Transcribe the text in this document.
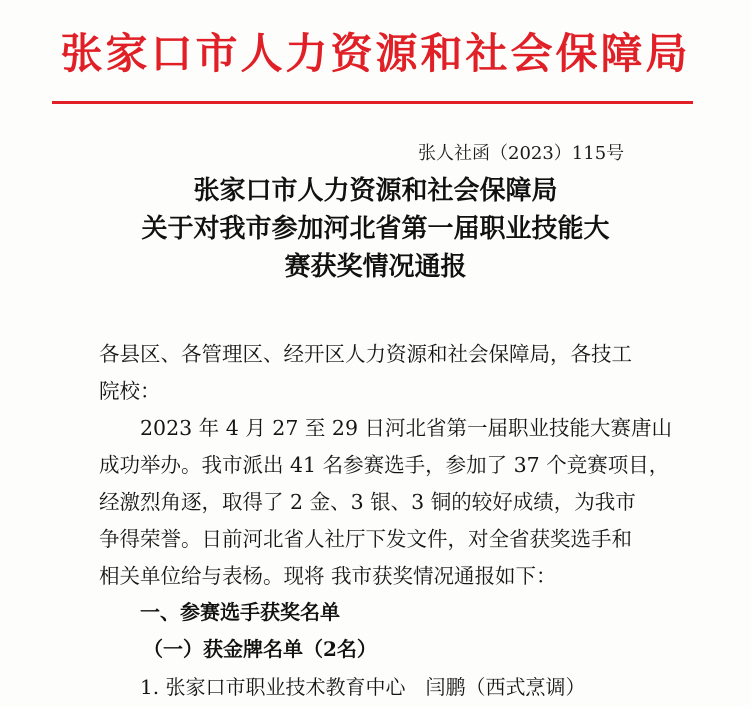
张家口市人力资源和社会保障局
张人社函（2023）115号
张家口市人力资源和社会保障局
关于对我市参加河北省第一届职业技能大
赛获奖情况通报
各县区、各管理区、经开区人力资源和社会保障局，各技工
院校：
2023 年 4 月 27 至 29 日河北省第一届职业技能大赛唐山
成功举办。我市派出 41 名参赛选手，参加了 37 个竞赛项目，
经激烈角逐，取得了 2 金、3 银、3 铜的较好成绩，为我市
争得荣誉。日前河北省人社厅下发文件，对全省获奖选手和
相关单位给与表杨。现将 我市获奖情况通报如下：
一、参赛选手获奖名单
（一）获金牌名单（2名）
1. 张家口市职业技术教育中心　闫鹏（西式烹调）
